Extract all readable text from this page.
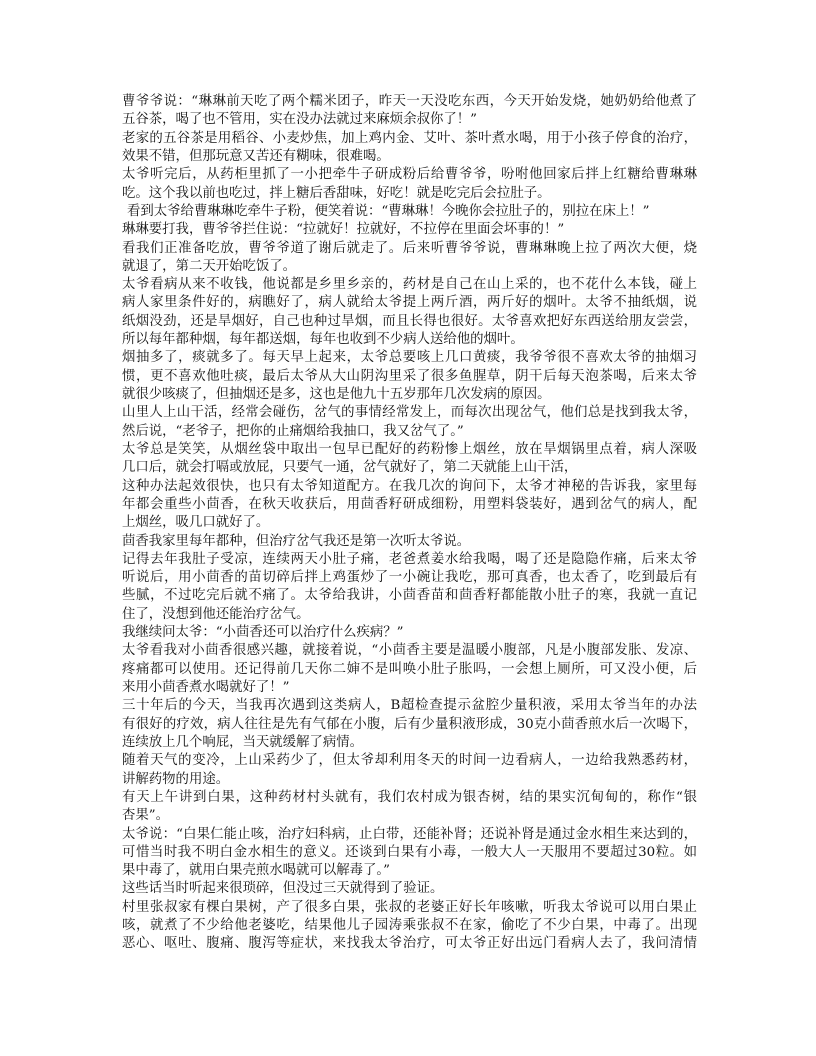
曹爷爷说：“琳琳前天吃了两个糯米团子，昨天一天没吃东西，今天开始发烧，她奶奶给他煮了
五谷茶，喝了也不管用，实在没办法就过来麻烦余叔你了！”
老家的五谷茶是用稻谷、小麦炒焦，加上鸡内金、艾叶、茶叶煮水喝，用于小孩子停食的治疗，
效果不错，但那玩意又苦还有糊味，很难喝。
太爷听完后，从药柜里抓了一小把牵牛子研成粉后给曹爷爷，吩咐他回家后拌上红糖给曹琳琳
吃。这个我以前也吃过，拌上糖后香甜味，好吃！就是吃完后会拉肚子。
看到太爷给曹琳琳吃牵牛子粉，便笑着说：“曹琳琳！今晚你会拉肚子的，别拉在床上！”
琳琳要打我，曹爷爷拦住说：“拉就好！拉就好，不拉停在里面会坏事的！”
看我们正准备吃放，曹爷爷道了谢后就走了。后来听曹爷爷说，曹琳琳晚上拉了两次大便，烧
就退了，第二天开始吃饭了。
太爷看病从来不收钱，他说都是乡里乡亲的，药材是自己在山上采的，也不花什么本钱，碰上
病人家里条件好的，病瞧好了，病人就给太爷提上两斤酒，两斤好的烟叶。太爷不抽纸烟，说
纸烟没劲，还是旱烟好，自己也种过旱烟，而且长得也很好。太爷喜欢把好东西送给朋友尝尝，
所以每年都种烟，每年都送烟，每年也收到不少病人送给他的烟叶。
烟抽多了，痰就多了。每天早上起来，太爷总要咳上几口黄痰，我爷爷很不喜欢太爷的抽烟习
惯，更不喜欢他吐痰，最后太爷从大山阴沟里采了很多鱼腥草，阴干后每天泡茶喝，后来太爷
就很少咳痰了，但抽烟还是多，这也是他九十五岁那年几次发病的原因。
山里人上山干活，经常会碰伤，岔气的事情经常发上，而每次出现岔气，他们总是找到我太爷，
然后说，“老爷子，把你的止痛烟给我抽口，我又岔气了。”
太爷总是笑笑，从烟丝袋中取出一包早已配好的药粉惨上烟丝，放在旱烟锅里点着，病人深吸
几口后，就会打嗝或放屁，只要气一通，岔气就好了，第二天就能上山干活，
这种办法起效很快，也只有太爷知道配方。在我几次的询问下，太爷才神秘的告诉我，家里每
年都会重些小茴香，在秋天收获后，用茴香籽研成细粉，用塑料袋装好，遇到岔气的病人，配
上烟丝，吸几口就好了。
茴香我家里每年都种，但治疗岔气我还是第一次听太爷说。
记得去年我肚子受凉，连续两天小肚子痛，老爸煮姜水给我喝，喝了还是隐隐作痛，后来太爷
听说后，用小茴香的苗切碎后拌上鸡蛋炒了一小碗让我吃，那可真香，也太香了，吃到最后有
些腻，不过吃完后就不痛了。太爷给我讲，小茴香苗和茴香籽都能散小肚子的寒，我就一直记
住了，没想到他还能治疗岔气。
我继续问太爷：“小茴香还可以治疗什么疾病？”
太爷看我对小茴香很感兴趣，就接着说，“小茴香主要是温暖小腹部，凡是小腹部发胀、发凉、
疼痛都可以使用。还记得前几天你二婶不是叫唤小肚子胀吗，一会想上厕所，可又没小便，后
来用小茴香煮水喝就好了！”
三十年后的今天，当我再次遇到这类病人，B超检查提示盆腔少量积液，采用太爷当年的办法
有很好的疗效，病人往往是先有气郁在小腹，后有少量积液形成，30克小茴香煎水后一次喝下，
连续放上几个响屁，当天就缓解了病情。
随着天气的变冷，上山采药少了，但太爷却利用冬天的时间一边看病人，一边给我熟悉药材，
讲解药物的用途。
有天上午讲到白果，这种药材村头就有，我们农村成为银杏树，结的果实沉甸甸的，称作“银
杏果”。
太爷说：“白果仁能止咳，治疗妇科病，止白带，还能补肾；还说补肾是通过金水相生来达到的，
可惜当时我不明白金水相生的意义。还谈到白果有小毒，一般大人一天服用不要超过30粒。如
果中毒了，就用白果壳煎水喝就可以解毒了。”
这些话当时听起来很琐碎，但没过三天就得到了验证。
村里张叔家有棵白果树，产了很多白果，张叔的老婆正好长年咳嗽，听我太爷说可以用白果止
咳，就煮了不少给他老婆吃，结果他儿子园涛乘张叔不在家，偷吃了不少白果，中毒了。出现
恶心、呕吐、腹痛、腹泻等症状，来找我太爷治疗，可太爷正好出远门看病人去了，我问清情
